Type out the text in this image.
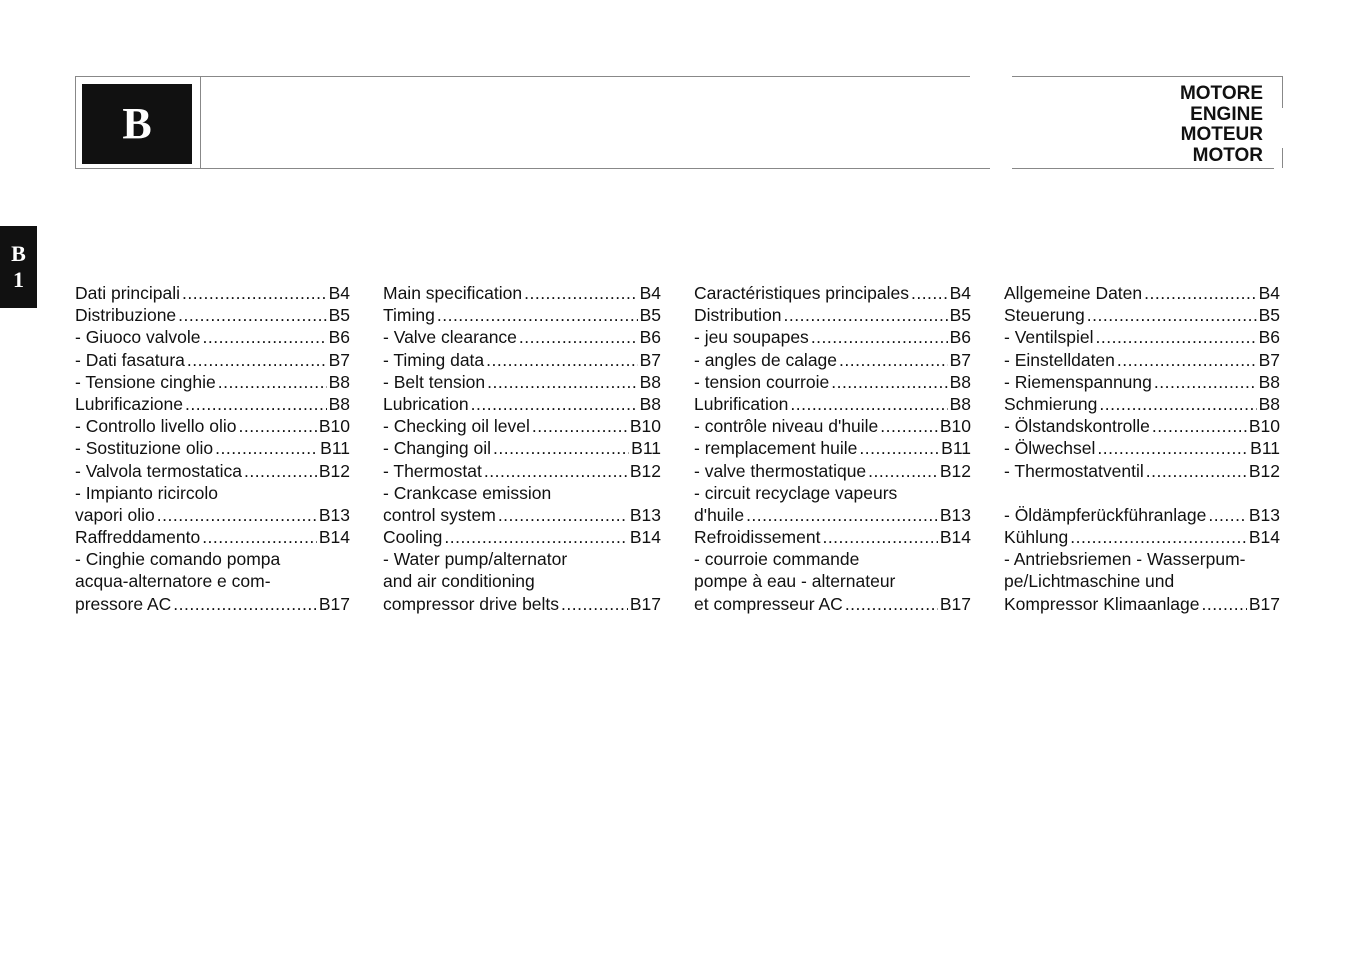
B
MOTORE
ENGINE
MOTEUR
MOTOR
B
1
Dati principali .....	B4
Distribuzione .....	B5
- Giuoco valvole .....	B6
- Dati fasatura .....	B7
- Tensione cinghie .....	B8
Lubrificazione .....	B8
- Controllo livello olio .....	B10
- Sostituzione olio .....	B11
- Valvola termostatica .....	B12
- Impianto ricircolo
vapori olio .....	B13
Raffreddamento .....	B14
- Cinghie comando pompa
acqua-alternatore e com-
pressore AC .....	B17
Main specification .....	B4
Timing .....	B5
- Valve clearance .....	B6
- Timing data .....	B7
- Belt tension .....	B8
Lubrication .....	B8
- Checking oil level .....	B10
- Changing oil .....	B11
- Thermostat .....	B12
- Crankcase emission
control system .....	B13
Cooling .....	B14
- Water pump/alternator
and air conditioning
compressor drive belts .....	B17
Caractéristiques principales ..... B4
Distribution .....	B5
- jeu soupapes .....	B6
- angles de calage .....	B7
- tension courroie .....	B8
Lubrification .....	B8
- contrôle niveau d'huile .....	B10
- remplacement huile .....	B11
- valve thermostatique .....	B12
- circuit recyclage vapeurs
d'huile .....	B13
Refroidissement .....	B14
- courroie commande
pompe à eau - alternateur
et compresseur AC .....	B17
Allgemeine Daten .....	B4
Steuerung .....	B5
- Ventilspiel .....	B6
- Einstelldaten .....	B7
- Riemenspannung .....	B8
Schmierung .....	B8
- Ölstandskontrolle .....	B10
- Ölwechsel .....	B11
- Thermostatventil .....	B12
- Öldämpferückführanlage ..... B13
Kühlung .....	B14
- Antriebsriemen - Wasserpum-
pe/Lichtmaschine und
Kompressor Klimaanlage .....	B17
